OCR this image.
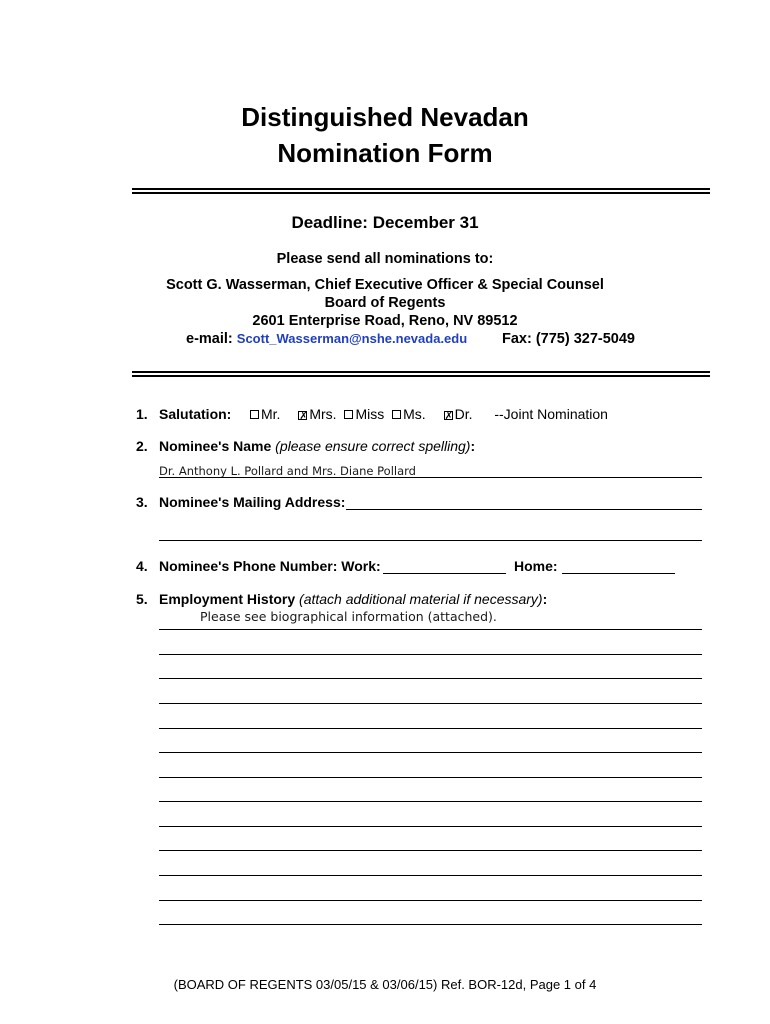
Distinguished Nevadan
Nomination Form
Deadline: December 31
Please send all nominations to:
Scott G. Wasserman, Chief Executive Officer & Special Counsel
Board of Regents
2601 Enterprise Road, Reno, NV 89512
e-mail: Scott_Wasserman@nshe.nevada.edu Fax: (775) 327-5049
1. Salutation:	Mr. ✗ Mrs. Miss Ms. ✗ Dr. --Joint Nomination
2. Nominee's Name (please ensure correct spelling):
Dr. Anthony L. Pollard and Mrs. Diane Pollard
3. Nominee's Mailing Address:
4. Nominee's Phone Number: Work:	Home:
5. Employment History (attach additional material if necessary):
Please see biographical information (attached).
(BOARD OF REGENTS 03/05/15 & 03/06/15) Ref. BOR-12d, Page 1 of 4
